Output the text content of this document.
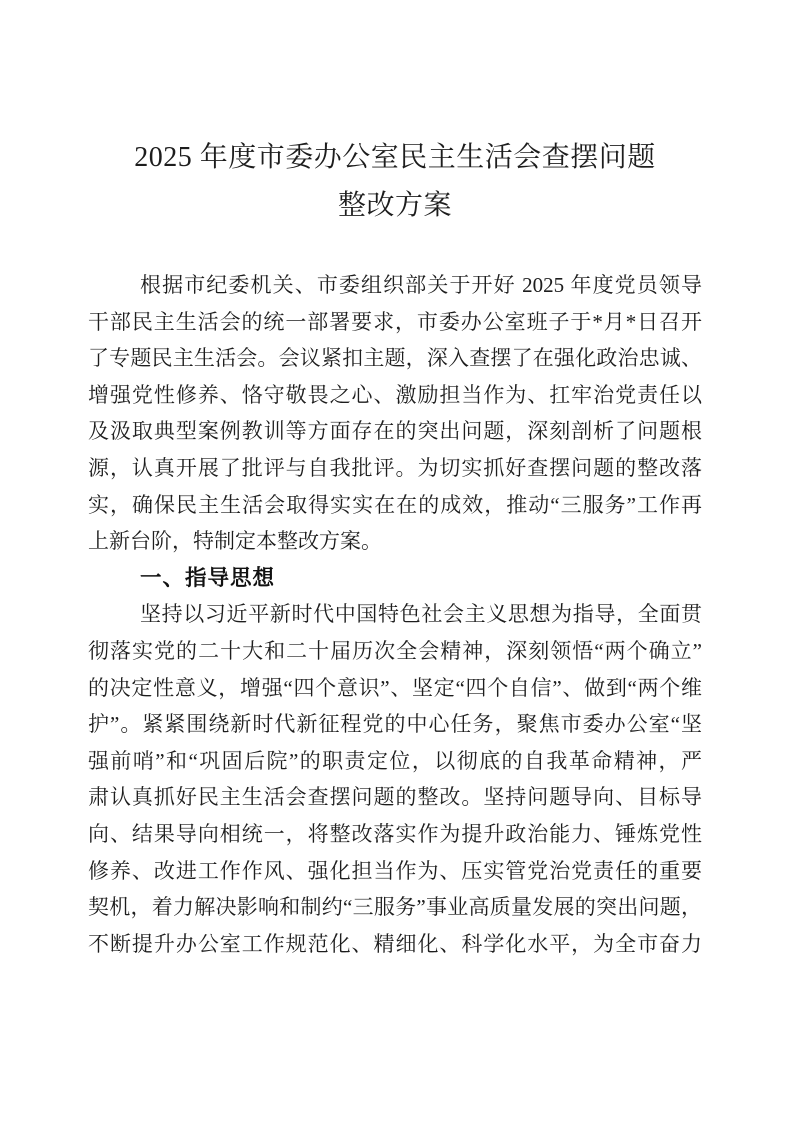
2025 年度市委办公室民主生活会查摆问题
整改方案
根据市纪委机关、市委组织部关于开好 2025 年度党员领导
干部民主生活会的统一部署要求，市委办公室班子于*月*日召开
了专题民主生活会。会议紧扣主题，深入查摆了在强化政治忠诚、
增强党性修养、恪守敬畏之心、激励担当作为、扛牢治党责任以
及汲取典型案例教训等方面存在的突出问题，深刻剖析了问题根
源，认真开展了批评与自我批评。为切实抓好查摆问题的整改落
实，确保民主生活会取得实实在在的成效，推动“三服务”工作再
上新台阶，特制定本整改方案。
一、指导思想
坚持以习近平新时代中国特色社会主义思想为指导，全面贯
彻落实党的二十大和二十届历次全会精神，深刻领悟“两个确立”
的决定性意义，增强“四个意识”、坚定“四个自信”、做到“两个维
护”。紧紧围绕新时代新征程党的中心任务，聚焦市委办公室“坚
强前哨”和“巩固后院”的职责定位，以彻底的自我革命精神，严
肃认真抓好民主生活会查摆问题的整改。坚持问题导向、目标导
向、结果导向相统一，将整改落实作为提升政治能力、锤炼党性
修养、改进工作作风、强化担当作为、压实管党治党责任的重要
契机，着力解决影响和制约“三服务”事业高质量发展的突出问题，
不断提升办公室工作规范化、精细化、科学化水平，为全市奋力
